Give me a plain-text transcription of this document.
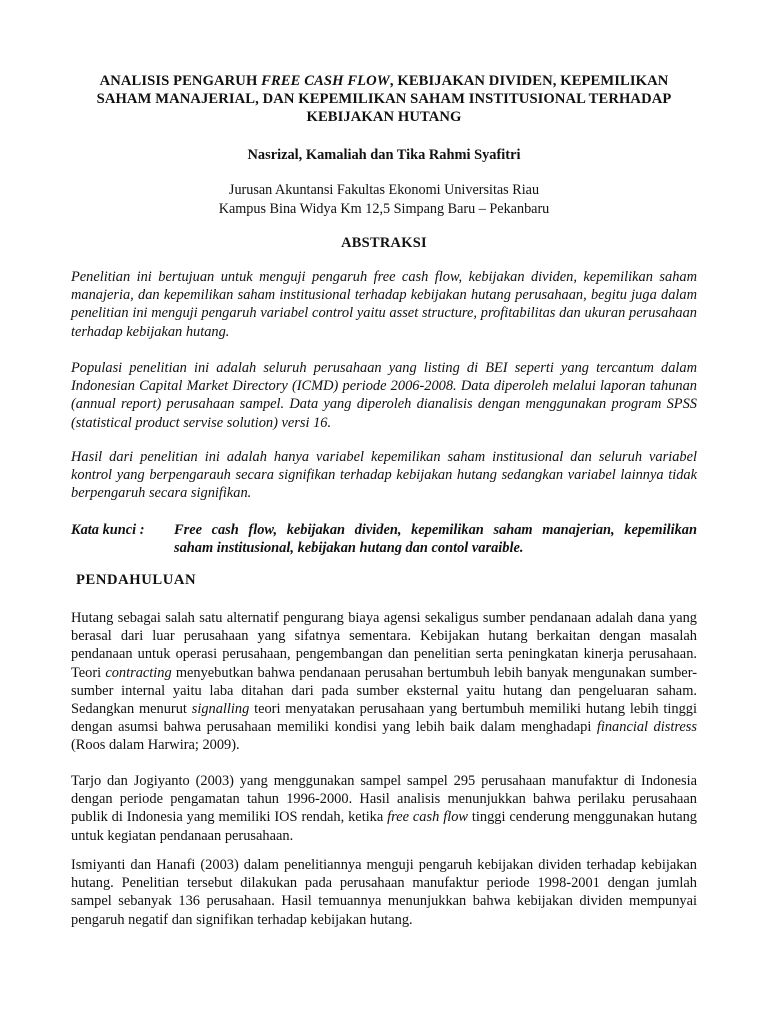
ANALISIS PENGARUH FREE CASH FLOW, KEBIJAKAN DIVIDEN, KEPEMILIKAN
SAHAM MANAJERIAL, DAN KEPEMILIKAN SAHAM INSTITUSIONAL TERHADAP
KEBIJAKAN HUTANG
Nasrizal, Kamaliah dan Tika Rahmi Syafitri
Jurusan Akuntansi Fakultas Ekonomi Universitas Riau
Kampus Bina Widya Km 12,5 Simpang Baru – Pekanbaru
ABSTRAKSI
Penelitian ini bertujuan untuk menguji pengaruh free cash flow, kebijakan dividen, kepemilikan saham manajeria, dan kepemilikan saham institusional terhadap kebijakan hutang perusahaan, begitu juga dalam penelitian ini menguji pengaruh variabel control yaitu asset structure, profitabilitas dan ukuran perusahaan terhadap kebijakan hutang.
Populasi penelitian ini adalah seluruh perusahaan yang listing di BEI seperti yang tercantum dalam Indonesian Capital Market Directory (ICMD) periode 2006-2008. Data diperoleh melalui laporan tahunan (annual report) perusahaan sampel. Data yang diperoleh dianalisis dengan menggunakan program SPSS (statistical product servise solution) versi 16.
Hasil dari penelitian ini adalah hanya variabel kepemilikan saham institusional dan seluruh variabel kontrol yang berpengarauh secara signifikan terhadap kebijakan hutang sedangkan variabel lainnya tidak berpengaruh secara signifikan.
Kata kunci : Free cash flow, kebijakan dividen, kepemilikan saham manajerian, kepemilikan
saham institusional, kebijakan hutang dan contol varaible.
PENDAHULUAN
Hutang sebagai salah satu alternatif pengurang biaya agensi sekaligus sumber pendanaan adalah dana yang berasal dari luar perusahaan yang sifatnya sementara. Kebijakan hutang berkaitan dengan masalah pendanaan untuk operasi perusahaan, pengembangan dan penelitian serta peningkatan kinerja perusahaan. Teori contracting menyebutkan bahwa pendanaan perusahan bertumbuh lebih banyak mengunakan sumber-sumber internal yaitu laba ditahan dari pada sumber eksternal yaitu hutang dan pengeluaran saham. Sedangkan menurut signalling teori menyatakan perusahaan yang bertumbuh memiliki hutang lebih tinggi dengan asumsi bahwa perusahaan memiliki kondisi yang lebih baik dalam menghadapi financial distress (Roos dalam Harwira; 2009).
Tarjo dan Jogiyanto (2003) yang menggunakan sampel sampel 295 perusahaan manufaktur di Indonesia dengan periode pengamatan tahun 1996-2000. Hasil analisis menunjukkan bahwa perilaku perusahaan publik di Indonesia yang memiliki IOS rendah, ketika free cash flow tinggi cenderung menggunakan hutang untuk kegiatan pendanaan perusahaan.
Ismiyanti dan Hanafi (2003) dalam penelitiannya menguji pengaruh kebijakan dividen terhadap kebijakan hutang. Penelitian tersebut dilakukan pada perusahaan manufaktur periode 1998-2001 dengan jumlah sampel sebanyak 136 perusahaan. Hasil temuannya menunjukkan bahwa kebijakan dividen mempunyai pengaruh negatif dan signifikan terhadap kebijakan hutang.
